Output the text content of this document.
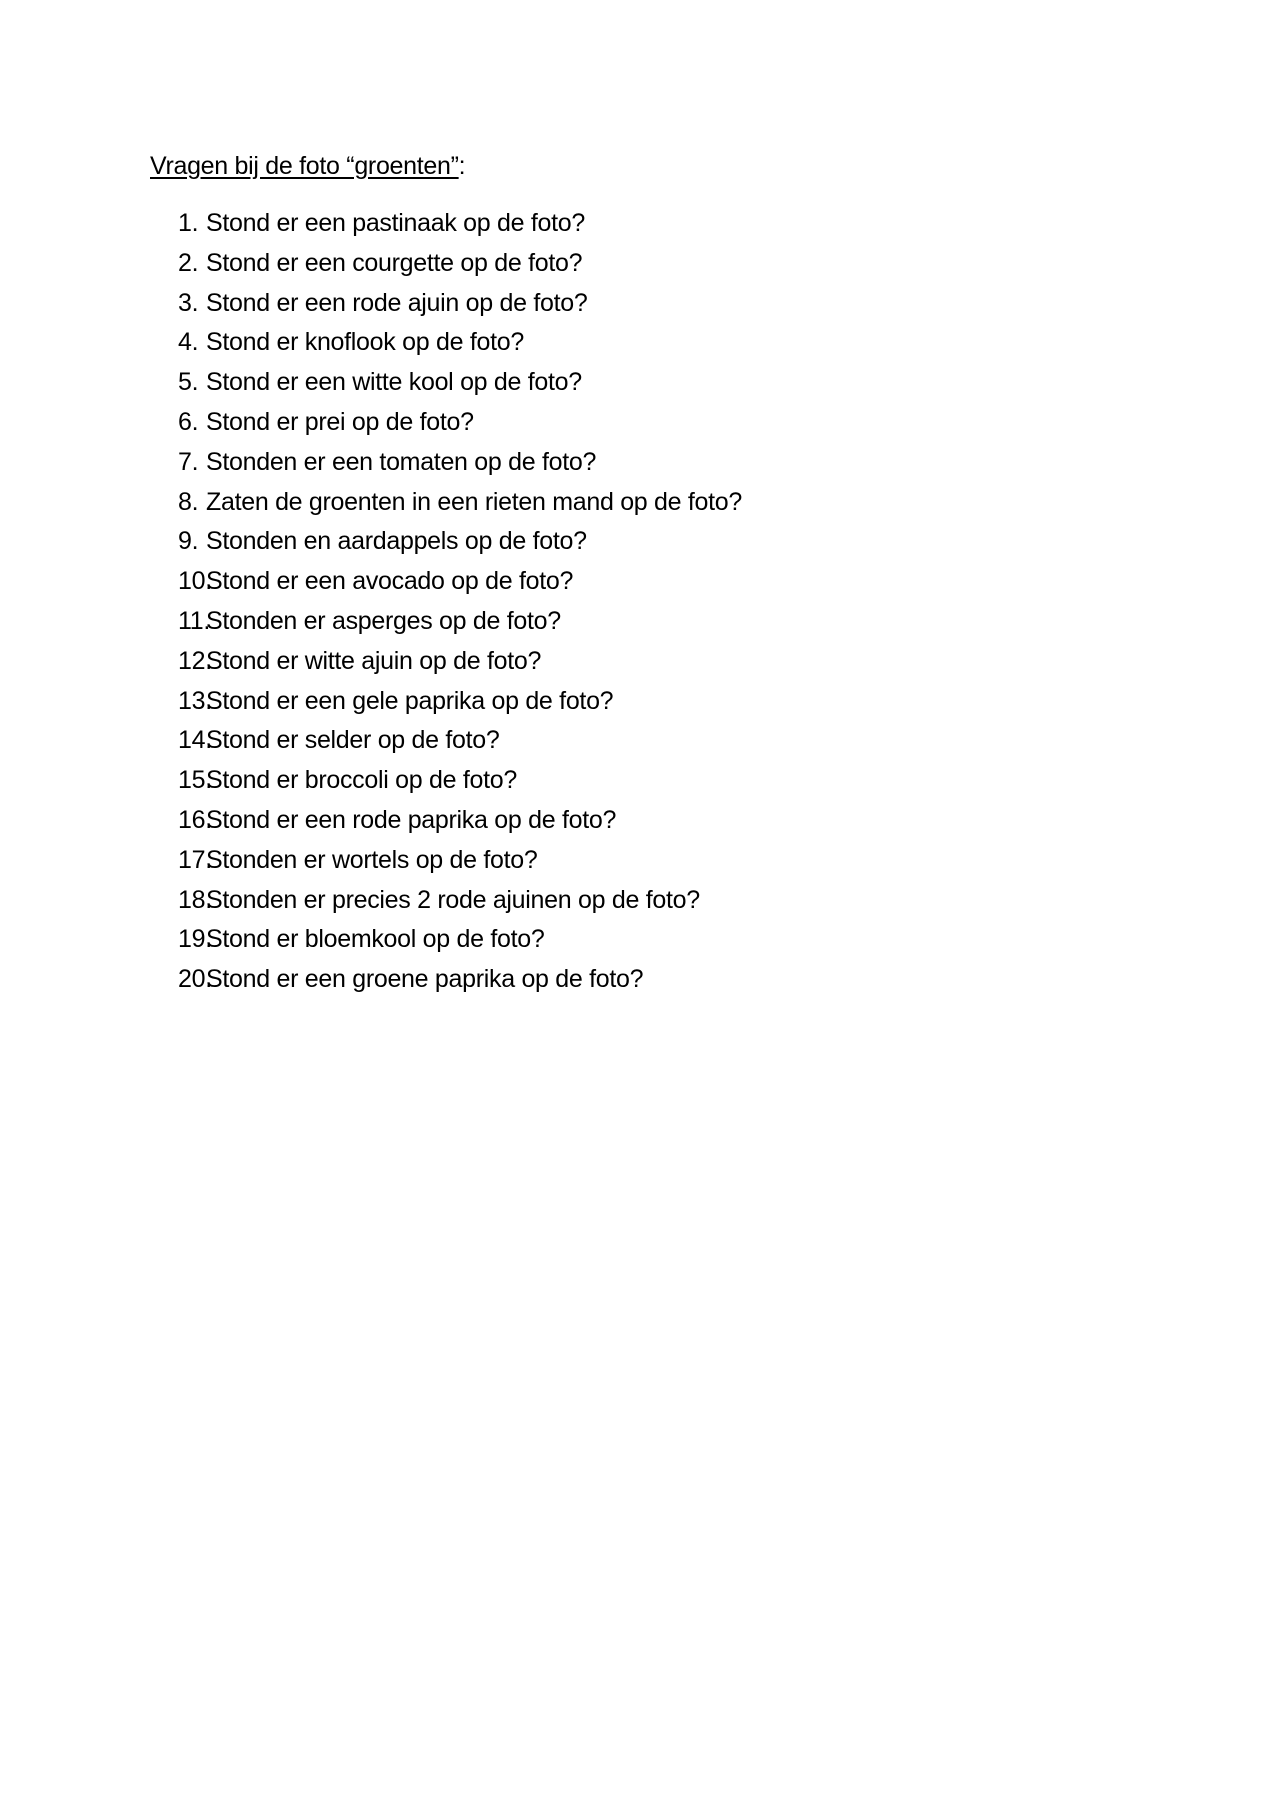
Vragen bij de foto “groenten”:
1. Stond er een pastinaak op de foto?
2. Stond er een courgette op de foto?
3. Stond er een rode ajuin op de foto?
4. Stond er knoflook op de foto?
5. Stond er een witte kool op de foto?
6. Stond er prei op de foto?
7. Stonden er een tomaten op de foto?
8. Zaten de groenten in een rieten mand op de foto?
9. Stonden en aardappels op de foto?
10.
Stond er een avocado op de foto?
11.
Stonden er asperges op de foto?
12.
Stond er witte ajuin op de foto?
13.
Stond er een gele paprika op de foto?
14.
Stond er selder op de foto?
15.
Stond er broccoli op de foto?
16.
Stond er een rode paprika op de foto?
17.
Stonden er wortels op de foto?
18.
Stonden er precies 2 rode ajuinen op de foto?
19.
Stond er bloemkool op de foto?
20.
Stond er een groene paprika op de foto?
